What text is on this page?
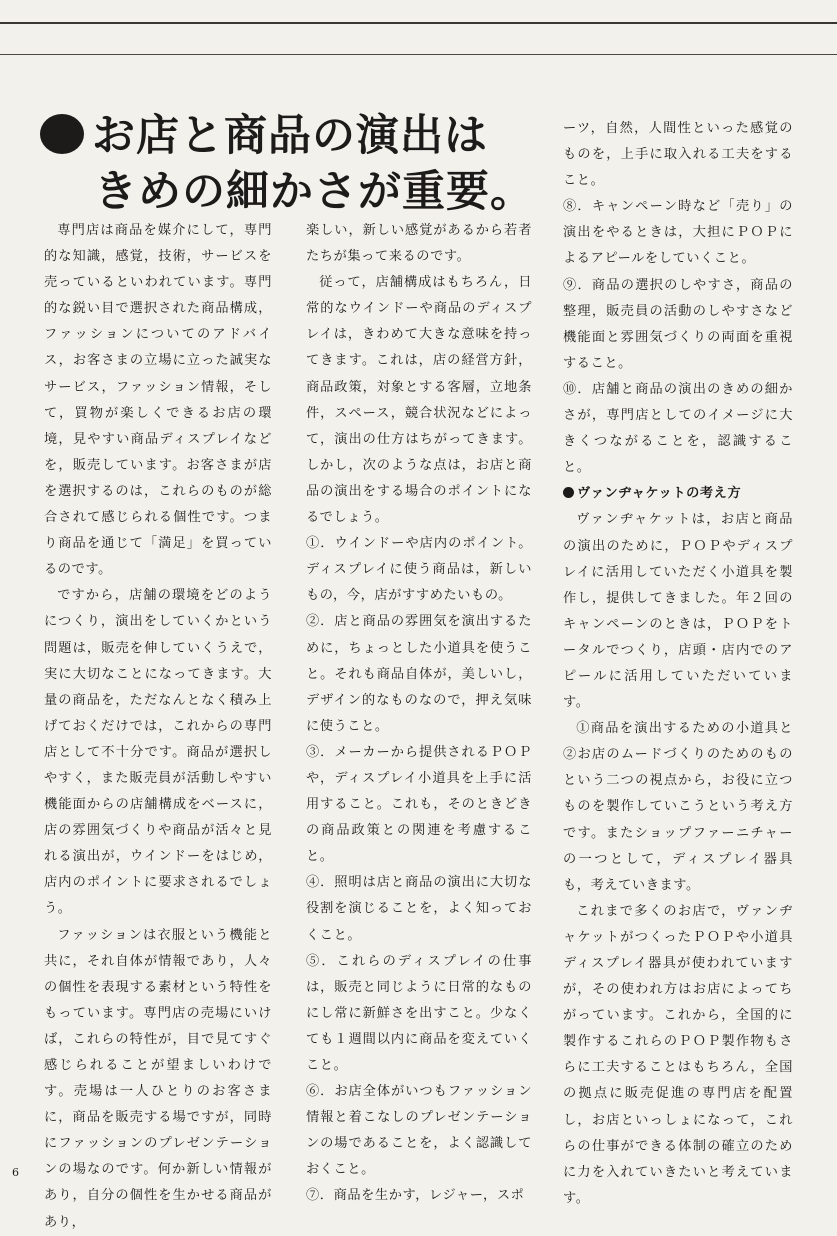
お店と商品の演出は
きめの細かさが重要。

専門店は商品を媒介にして，専門的な知識，感覚，技術，サービスを売っているといわれています。専門的な鋭い目で選択された商品構成，ファッションについてのアドバイス，お客さまの立場に立った誠実なサービス，ファッション情報，そして，買物が楽しくできるお店の環境，見やすい商品ディスプレイなどを，販売しています。お客さまが店を選択するのは，これらのものが総合されて感じられる個性です。つまり商品を通じて「満足」を買っているのです。

ですから，店舗の環境をどのようにつくり，演出をしていくかという問題は，販売を伸していくうえで，実に大切なことになってきます。大量の商品を，ただなんとなく積み上げておくだけでは，これからの専門店として不十分です。商品が選択しやすく，また販売員が活動しやすい機能面からの店舗構成をベースに，店の雰囲気づくりや商品が活々と見れる演出が，ウインドーをはじめ，店内のポイントに要求されるでしょう。

ファッションは衣服という機能と共に，それ自体が情報であり，人々の個性を表現する素材という特性をもっています。専門店の売場にいけば，これらの特性が，目で見てすぐ感じられることが望ましいわけです。売場は一人ひとりのお客さまに，商品を販売する場ですが，同時にファッションのプレゼンテーションの場なのです。何か新しい情報があり，自分の個性を生かせる商品があり，

楽しい，新しい感覚があるから若者たちが集って来るのです。

従って，店舗構成はもちろん，日常的なウインドーや商品のディスプレイは，きわめて大きな意味を持ってきます。これは，店の経営方針，商品政策，対象とする客層，立地条件，スペース，競合状況などによって，演出の仕方はちがってきます。しかし，次のような点は，お店と商品の演出をする場合のポイントになるでしょう。

①．ウインドーや店内のポイント。ディスプレイに使う商品は，新しいもの，今，店がすすめたいもの。

②．店と商品の雰囲気を演出するために，ちょっとした小道具を使うこと。それも商品自体が，美しいし，デザイン的なものなので，押え気味に使うこと。

③．メーカーから提供されるＰＯＰや，ディスプレイ小道具を上手に活用すること。これも，そのときどきの商品政策との関連を考慮すること。

④．照明は店と商品の演出に大切な役割を演じることを，よく知っておくこと。

⑤．これらのディスプレイの仕事は，販売と同じように日常的なものにし常に新鮮さを出すこと。少なくても１週間以内に商品を変えていくこと。

⑥．お店全体がいつもファッション情報と着こなしのプレゼンテーションの場であることを，よく認識しておくこと。

⑦．商品を生かす，レジャー，スポ

ーツ，自然，人間性といった感覚のものを，上手に取入れる工夫をすること。

⑧．キャンペーン時など「売り」の演出をやるときは，大担にＰＯＰによるアピールをしていくこと。

⑨．商品の選択のしやすさ，商品の整理，販売員の活動のしやすさなど機能面と雰囲気づくりの両面を重視すること。

⑩．店舗と商品の演出のきめの細かさが，専門店としてのイメージに大きくつながることを，認識すること。

ヴァンヂャケットの考え方

ヴァンヂャケットは，お店と商品の演出のために，ＰＯＰやディスプレイに活用していただく小道具を製作し，提供してきました。年２回のキャンペーンのときは，ＰＯＰをトータルでつくり，店頭・店内でのアピールに活用していただいています。

①商品を演出するための小道具と②お店のムードづくりのためのものという二つの視点から，お役に立つものを製作していこうという考え方です。またショップファーニチャーの一つとして，ディスプレイ器具も，考えていきます。

これまで多くのお店で，ヴァンヂャケットがつくったＰＯＰや小道具ディスプレイ器具が使われていますが，その使われ方はお店によってちがっています。これから，全国的に製作するこれらのＰＯＰ製作物もさらに工夫することはもちろん，全国の拠点に販売促進の専門店を配置し，お店といっしょになって，これらの仕事ができる体制の確立のために力を入れていきたいと考えています。

6
